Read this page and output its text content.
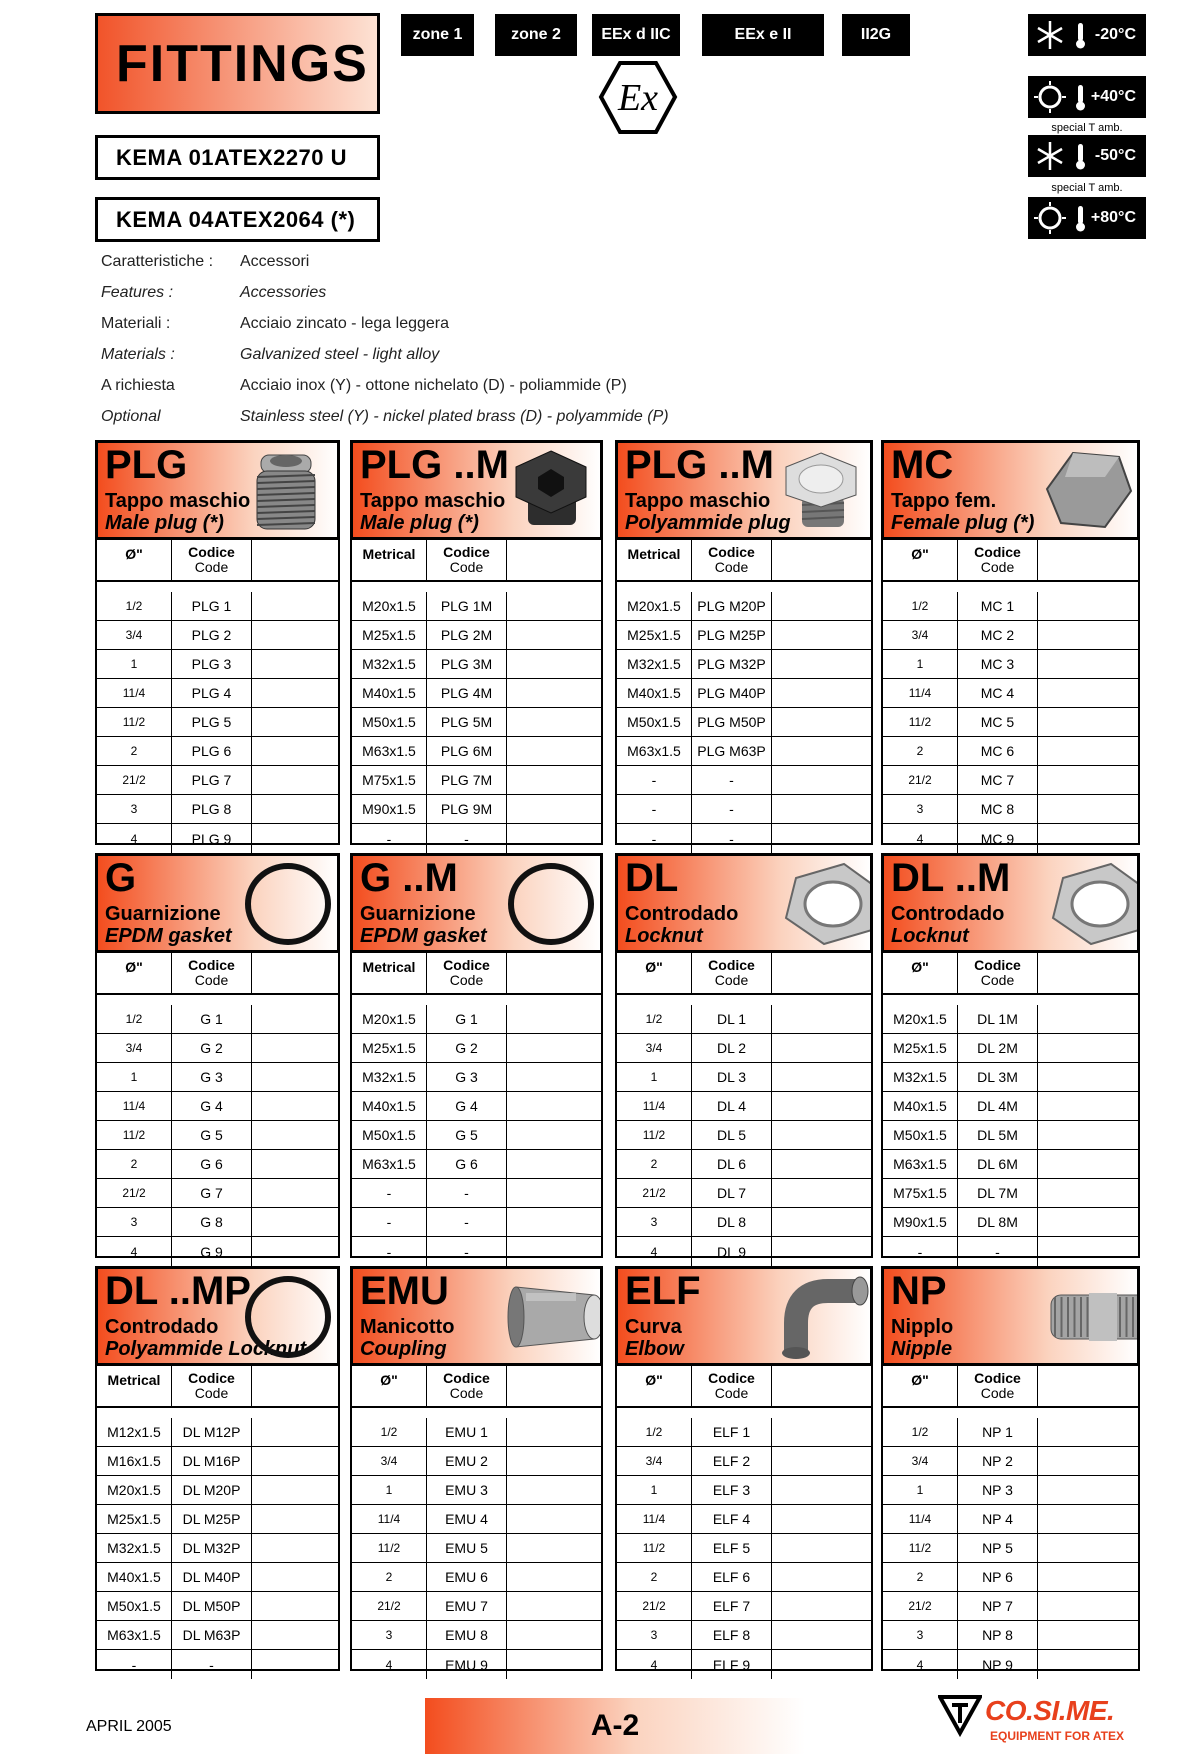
FITTINGS
KEMA 01ATEX2270 U
KEMA 04ATEX2064 (*)
zone 1	zone 2	EEx d IIC	EEx e II	II2G
Ex
-20°C
+40°C
special T amb.
-50°C
special T amb.
+80°C
Caratteristiche : Accessori
Features :	Accessories
Materiali :	Acciaio zincato - lega leggera
Materials :	Galvanized steel - light alloy
A richiesta	Acciaio inox (Y) - ottone nichelato (D) - poliammide (P)
Optional	Stainless steel (Y) - nickel plated brass (D) - polyammide (P)
PLG
Tappo maschio
Male plug (*)
Ø"	Codice
Code
1/2	PLG 1
3/4	PLG 2
1	PLG 3
11/4	PLG 4
11/2	PLG 5
2	PLG 6
21/2	PLG 7
3	PLG 8
4	PLG 9
PLG ..M
Tappo maschio
Male plug (*)
Metrical	Codice
Code
M20x1.5	PLG 1M
M25x1.5	PLG 2M
M32x1.5	PLG 3M
M40x1.5	PLG 4M
M50x1.5	PLG 5M
M63x1.5	PLG 6M
M75x1.5	PLG 7M
M90x1.5	PLG 9M
-	-
PLG ..M
Tappo maschio
Polyammide plug
Metrical	Codice
Code
M20x1.5	PLG M20P
M25x1.5	PLG M25P
M32x1.5	PLG M32P
M40x1.5	PLG M40P
M50x1.5	PLG M50P
M63x1.5	PLG M63P
-	-
-	-
-	-
MC
Tappo fem.
Female plug (*)
Ø"	Codice
Code
1/2	MC 1
3/4	MC 2
1	MC 3
11/4	MC 4
11/2	MC 5
2	MC 6
21/2	MC 7
3	MC 8
4	MC 9
G
Guarnizione
EPDM gasket
Ø"	Codice
Code
1/2	G 1
3/4	G 2
1	G 3
11/4	G 4
11/2	G 5
2	G 6
21/2	G 7
3	G 8
4	G 9
G ..M
Guarnizione
EPDM gasket
Metrical	Codice
Code
M20x1.5	G 1
M25x1.5	G 2
M32x1.5	G 3
M40x1.5	G 4
M50x1.5	G 5
M63x1.5	G 6
-	-
-	-
-	-
DL
Controdado
Locknut
Ø"	Codice
Code
1/2	DL 1
3/4	DL 2
1	DL 3
11/4	DL 4
11/2	DL 5
2	DL 6
21/2	DL 7
3	DL 8
4	DL 9
DL ..M
Controdado
Locknut
Ø"	Codice
Code
M20x1.5	DL 1M
M25x1.5	DL 2M
M32x1.5	DL 3M
M40x1.5	DL 4M
M50x1.5	DL 5M
M63x1.5	DL 6M
M75x1.5	DL 7M
M90x1.5	DL 8M
-	-
DL ..MP
Controdado
Polyammide Locknut
Metrical	Codice
Code
M12x1.5	DL M12P
M16x1.5	DL M16P
M20x1.5	DL M20P
M25x1.5	DL M25P
M32x1.5	DL M32P
M40x1.5	DL M40P
M50x1.5	DL M50P
M63x1.5	DL M63P
-	-
EMU
Manicotto
Coupling
Ø"	Codice
Code
1/2	EMU 1
3/4	EMU 2
1	EMU 3
11/4	EMU 4
11/2	EMU 5
2	EMU 6
21/2	EMU 7
3	EMU 8
4	EMU 9
ELF
Curva
Elbow
Ø"	Codice
Code
1/2	ELF 1
3/4	ELF 2
1	ELF 3
11/4	ELF 4
11/2	ELF 5
2	ELF 6
21/2	ELF 7
3	ELF 8
4	ELF 9
NP
Nipplo
Nipple
Ø"	Codice
Code
1/2	NP 1
3/4	NP 2
1	NP 3
11/4	NP 4
11/2	NP 5
2	NP 6
21/2	NP 7
3	NP 8
4	NP 9
APRIL 2005	A-2	CO.SI.ME.
EQUIPMENT FOR ATEX
